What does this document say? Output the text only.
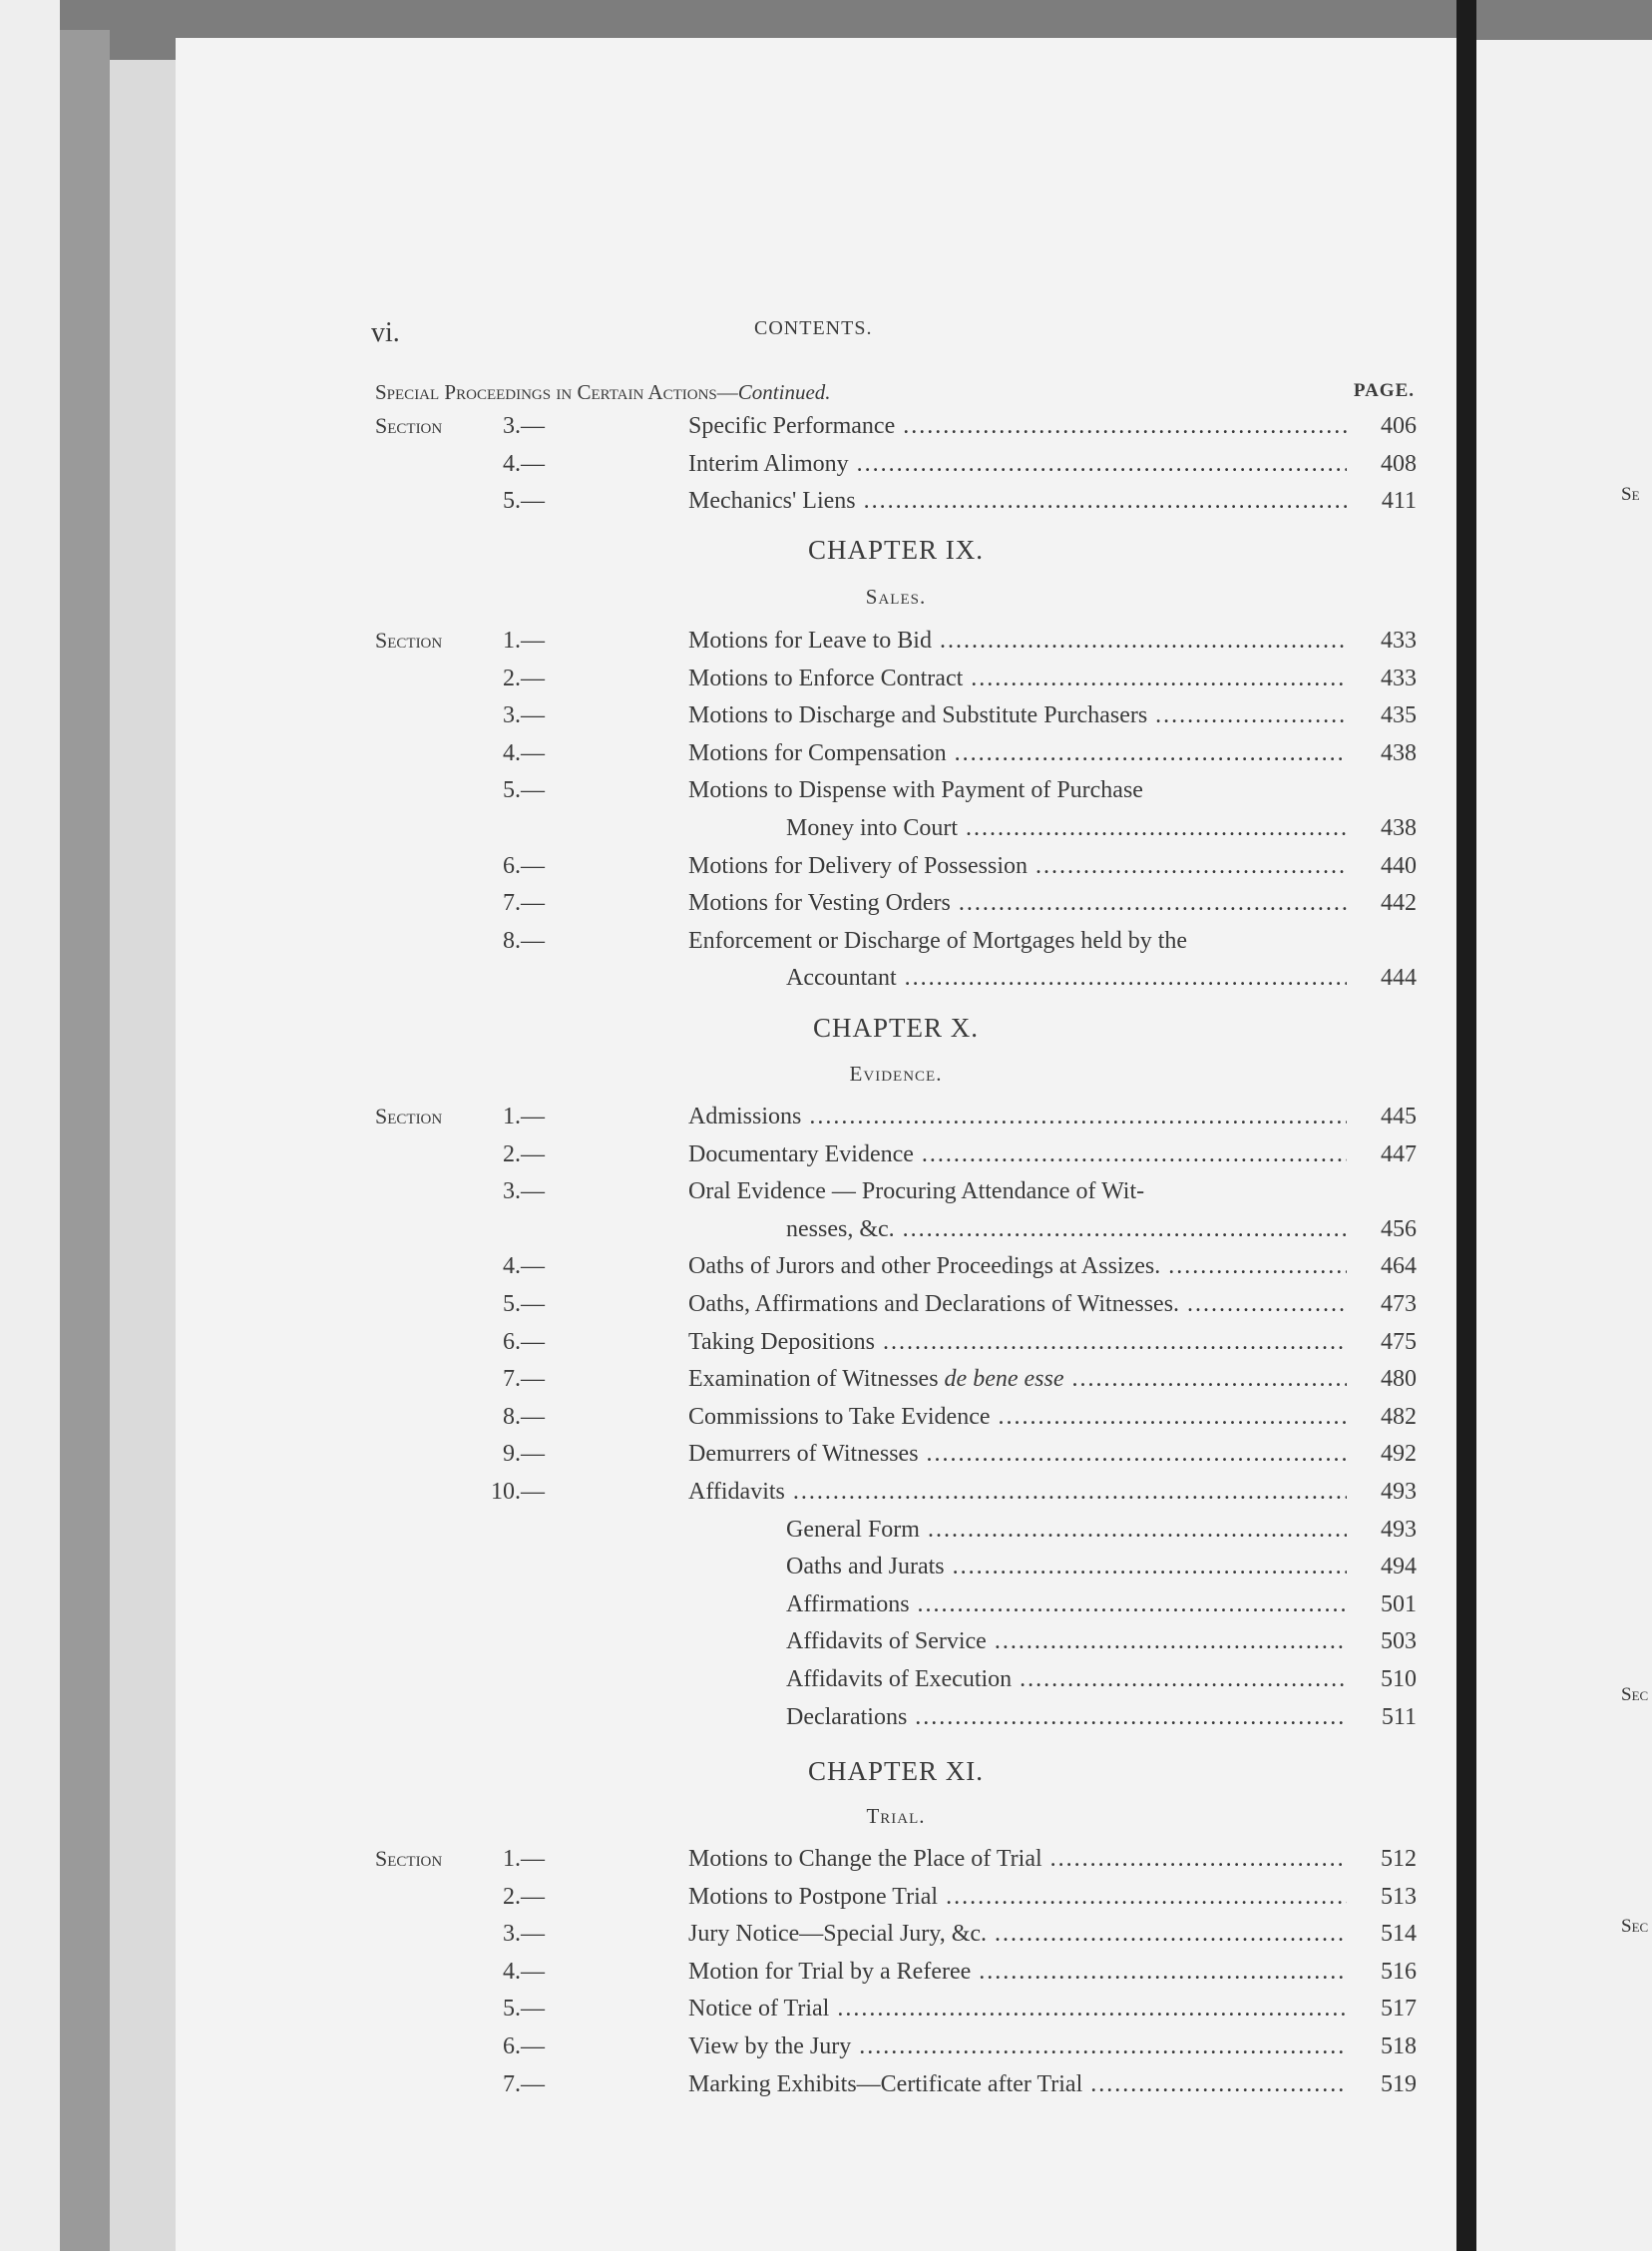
vi.	CONTENTS.
Special Proceedings in Certain Actions—Continued.	PAGE.
Section	3.—	Specific Performance .....	406
4.—	Interim Alimony .....	408
5.—	Mechanics' Liens .....	411
CHAPTER IX.
Sales.
Section	1.—	Motions for Leave to Bid .....	433
2.—	Motions to Enforce Contract .....	433
3.—	Motions to Discharge and Substitute Purchasers .....	435
4.—	Motions for Compensation .....	438
5.—	Motions to Dispense with Payment of Purchase
Money into Court .....	438
6.—	Motions for Delivery of Possession .....	440
7.—	Motions for Vesting Orders .....	442
8.—	Enforcement or Discharge of Mortgages held by the
Accountant .....	444
CHAPTER X.
Evidence.
Section	1.—	Admissions .....	445
2.—	Documentary Evidence .....	447
3.—	Oral Evidence — Procuring Attendance of Wit-
nesses, &c. .....	456
4.—	Oaths of Jurors and other Proceedings at Assizes. .....	464
5.—	Oaths, Affirmations and Declarations of Witnesses. .....	473
6.—	Taking Depositions .....	475
7.—	Examination of Witnesses de bene esse .....	480
8.—	Commissions to Take Evidence .....	482
9.—	Demurrers of Witnesses .....	492
10.—	Affidavits .....	493
General Form .....	493
Oaths and Jurats .....	494
Affirmations .....	501
Affidavits of Service .....	503
Affidavits of Execution .....	510
Declarations .....	511
CHAPTER XI.
Trial.
Section	1.—	Motions to Change the Place of Trial .....	512
2.—	Motions to Postpone Trial .....	513
3.—	Jury Notice—Special Jury, &c. .....	514
4.—	Motion for Trial by a Referee .....	516
5.—	Notice of Trial .....	517
6.—	View by the Jury .....	518
7.—	Marking Exhibits—Certificate after Trial .....	519
Se
Sec
Sec
